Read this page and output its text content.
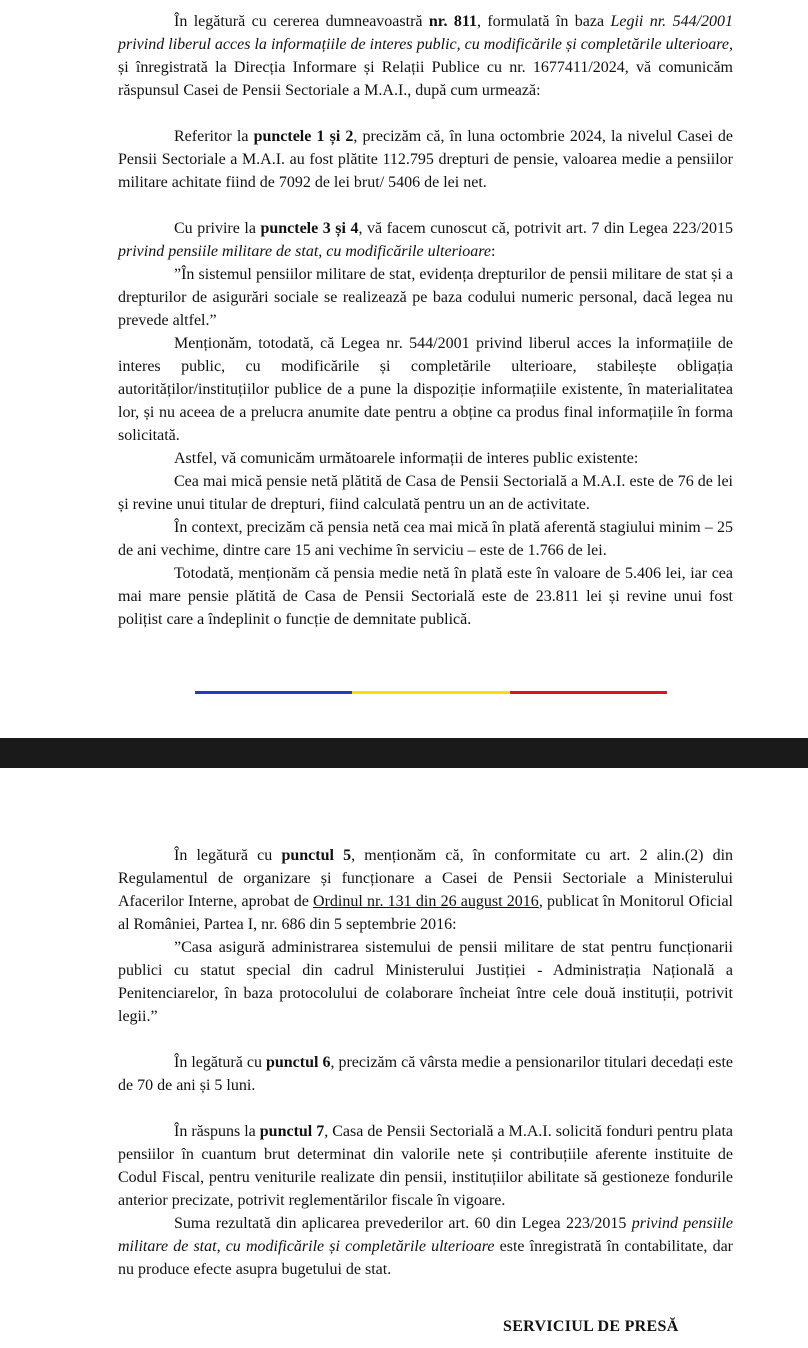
În legătură cu cererea dumneavoastră nr. 811, formulată în baza Legii nr. 544/2001 privind liberul acces la informațiile de interes public, cu modificările și completările ulterioare, și înregistrată la Direcția Informare și Relații Publice cu nr. 1677411/2024, vă comunicăm răspunsul Casei de Pensii Sectoriale a M.A.I., după cum urmează:

Referitor la punctele 1 și 2, precizăm că, în luna octombrie 2024, la nivelul Casei de Pensii Sectoriale a M.A.I. au fost plătite 112.795 drepturi de pensie, valoarea medie a pensiilor militare achitate fiind de 7092 de lei brut/ 5406 de lei net.

Cu privire la punctele 3 și 4, vă facem cunoscut că, potrivit art. 7 din Legea 223/2015 privind pensiile militare de stat, cu modificările ulterioare:

”În sistemul pensiilor militare de stat, evidența drepturilor de pensii militare de stat și a drepturilor de asigurări sociale se realizează pe baza codului numeric personal, dacă legea nu prevede altfel.”

Menționăm, totodată, că Legea nr. 544/2001 privind liberul acces la informațiile de interes public, cu modificările și completările ulterioare, stabilește obligația autorităților/instituțiilor publice de a pune la dispoziție informațiile existente, în materialitatea lor, și nu aceea de a prelucra anumite date pentru a obține ca produs final informațiile în forma solicitată.

Astfel, vă comunicăm următoarele informații de interes public existente:

Cea mai mică pensie netă plătită de Casa de Pensii Sectorială a M.A.I. este de 76 de lei și revine unui titular de drepturi, fiind calculată pentru un an de activitate.

În context, precizăm că pensia netă cea mai mică în plată aferentă stagiului minim – 25 de ani vechime, dintre care 15 ani vechime în serviciu – este de 1.766 de lei.

Totodată, menționăm că pensia medie netă în plată este în valoare de 5.406 lei, iar cea mai mare pensie plătită de Casa de Pensii Sectorială este de 23.811 lei și revine unui fost polițist care a îndeplinit o funcție de demnitate publică.

În legătură cu punctul 5, menționăm că, în conformitate cu art. 2 alin.(2) din Regulamentul de organizare și funcționare a Casei de Pensii Sectoriale a Ministerului Afacerilor Interne, aprobat de Ordinul nr. 131 din 26 august 2016, publicat în Monitorul Oficial al României, Partea I, nr. 686 din 5 septembrie 2016:

”Casa asigură administrarea sistemului de pensii militare de stat pentru funcționarii publici cu statut special din cadrul Ministerului Justiției - Administrația Națională a Penitenciarelor, în baza protocolului de colaborare încheiat între cele două instituții, potrivit legii.”

În legătură cu punctul 6, precizăm că vârsta medie a pensionarilor titulari decedați este de 70 de ani și 5 luni.

În răspuns la punctul 7, Casa de Pensii Sectorială a M.A.I. solicită fonduri pentru plata pensiilor în cuantum brut determinat din valorile nete și contribuțiile aferente instituite de Codul Fiscal, pentru veniturile realizate din pensii, instituțiilor abilitate să gestioneze fondurile anterior precizate, potrivit reglementărilor fiscale în vigoare.

Suma rezultată din aplicarea prevederilor art. 60 din Legea 223/2015 privind pensiile militare de stat, cu modificările și completările ulterioare este înregistrată în contabilitate, dar nu produce efecte asupra bugetului de stat.

SERVICIUL DE PRESĂ
